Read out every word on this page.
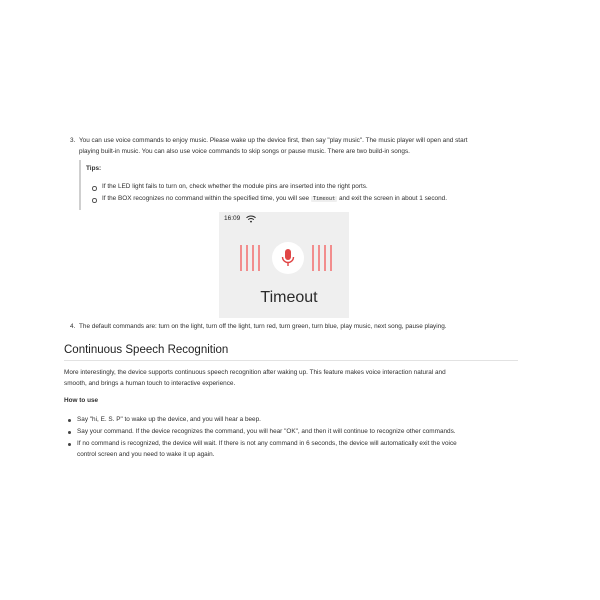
3. You can use voice commands to enjoy music. Please wake up the device first, then say "play music". The music player will open and start
playing built-in music. You can also use voice commands to skip songs or pause music. There are two build-in songs.
Tips:
If the LED light fails to turn on, check whether the module pins are inserted into the right ports.
If the BOX recognizes no command within the specified time, you will see Timeout and exit the screen in about 1 second.
16:09
Timeout
4. The default commands are: turn on the light, turn off the light, turn red, turn green, turn blue, play music, next song, pause playing.
Continuous Speech Recognition
More interestingly, the device supports continuous speech recognition after waking up. This feature makes voice interaction natural and
smooth, and brings a human touch to interactive experience.
How to use
Say "hi, E. S. P" to wake up the device, and you will hear a beep.
Say your command. If the device recognizes the command, you will hear "OK", and then it will continue to recognize other commands.
If no command is recognized, the device will wait. If there is not any command in 6 seconds, the device will automatically exit the voice
control screen and you need to wake it up again.
